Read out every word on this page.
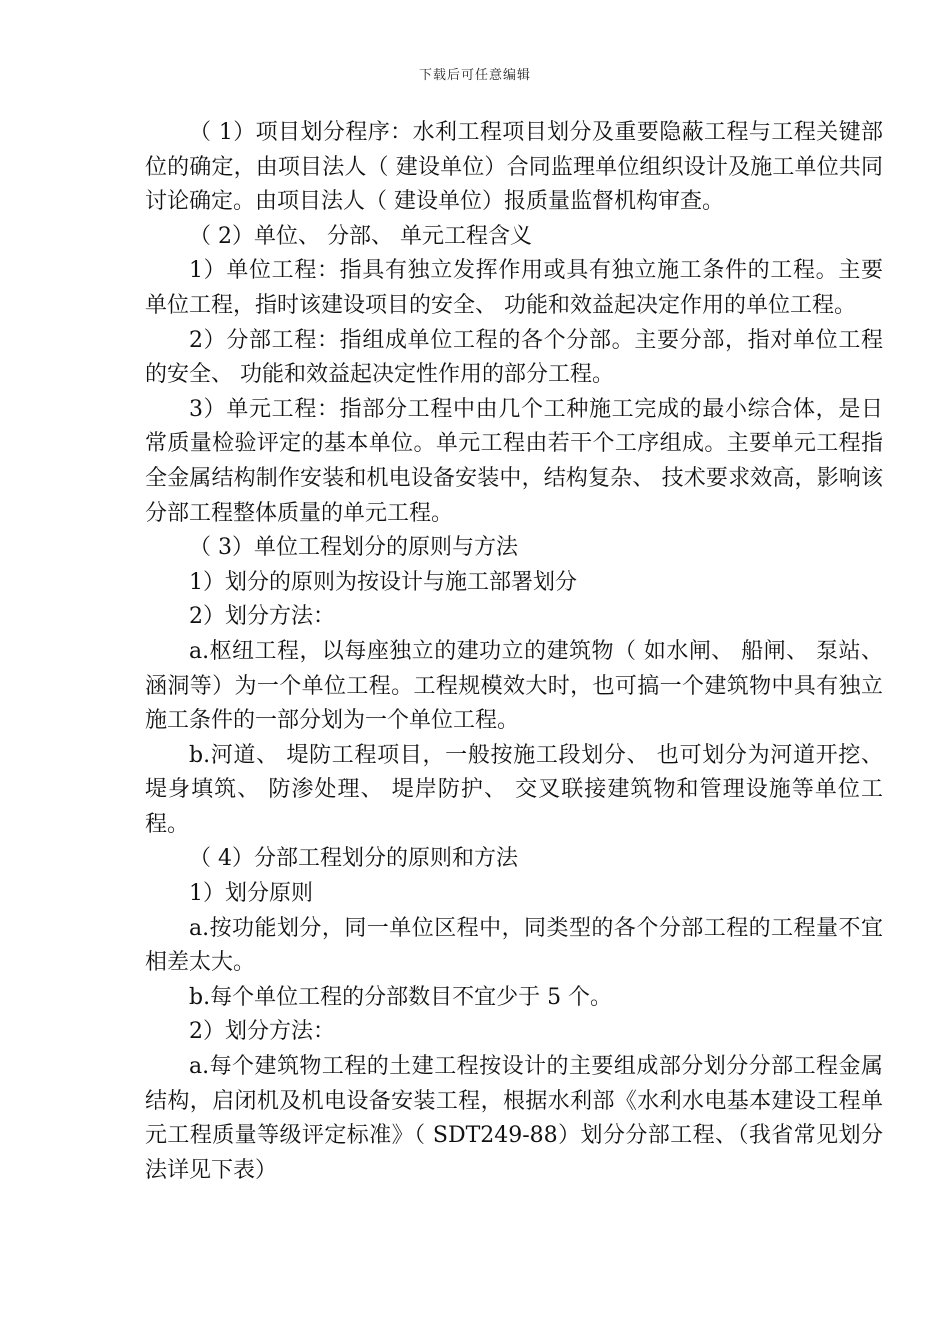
下载后可任意编辑

（ 1）项目划分程序：水利工程项目划分及重要隐蔽工程与工程关键部位的确定，由项目法人（ 建设单位）合同监理单位组织设计及施工单位共同讨论确定。由项目法人（ 建设单位）报质量监督机构审查。

（ 2）单位、 分部、 单元工程含义

1）单位工程：指具有独立发挥作用或具有独立施工条件的工程。主要单位工程，指时该建设项目的安全、 功能和效益起决定作用的单位工程。

2）分部工程：指组成单位工程的各个分部。主要分部，指对单位工程的安全、 功能和效益起决定性作用的部分工程。

3）单元工程：指部分工程中由几个工种施工完成的最小综合体，是日常质量检验评定的基本单位。单元工程由若干个工序组成。主要单元工程指全金属结构制作安装和机电设备安装中，结构复杂、 技术要求效高，影响该分部工程整体质量的单元工程。

（ 3）单位工程划分的原则与方法

1）划分的原则为按设计与施工部署划分

2）划分方法：

a.枢纽工程，以每座独立的建功立的建筑物（ 如水闸、 船闸、 泵站、 涵洞等）为一个单位工程。工程规模效大时，也可搞一个建筑物中具有独立施工条件的一部分划为一个单位工程。

b.河道、 堤防工程项目，一般按施工段划分、 也可划分为河道开挖、 堤身填筑、 防渗处理、 堤岸防护、 交叉联接建筑物和管理设施等单位工程。

（ 4）分部工程划分的原则和方法

1）划分原则

a.按功能划分，同一单位区程中，同类型的各个分部工程的工程量不宜相差太大。

b.每个单位工程的分部数目不宜少于 5 个。

2）划分方法：

a.每个建筑物工程的土建工程按设计的主要组成部分划分分部工程金属结构，启闭机及机电设备安装工程，根据水利部《水利水电基本建设工程单元工程质量等级评定标准》（ SDT249-88）划分分部工程、（我省常见划分法详见下表）
